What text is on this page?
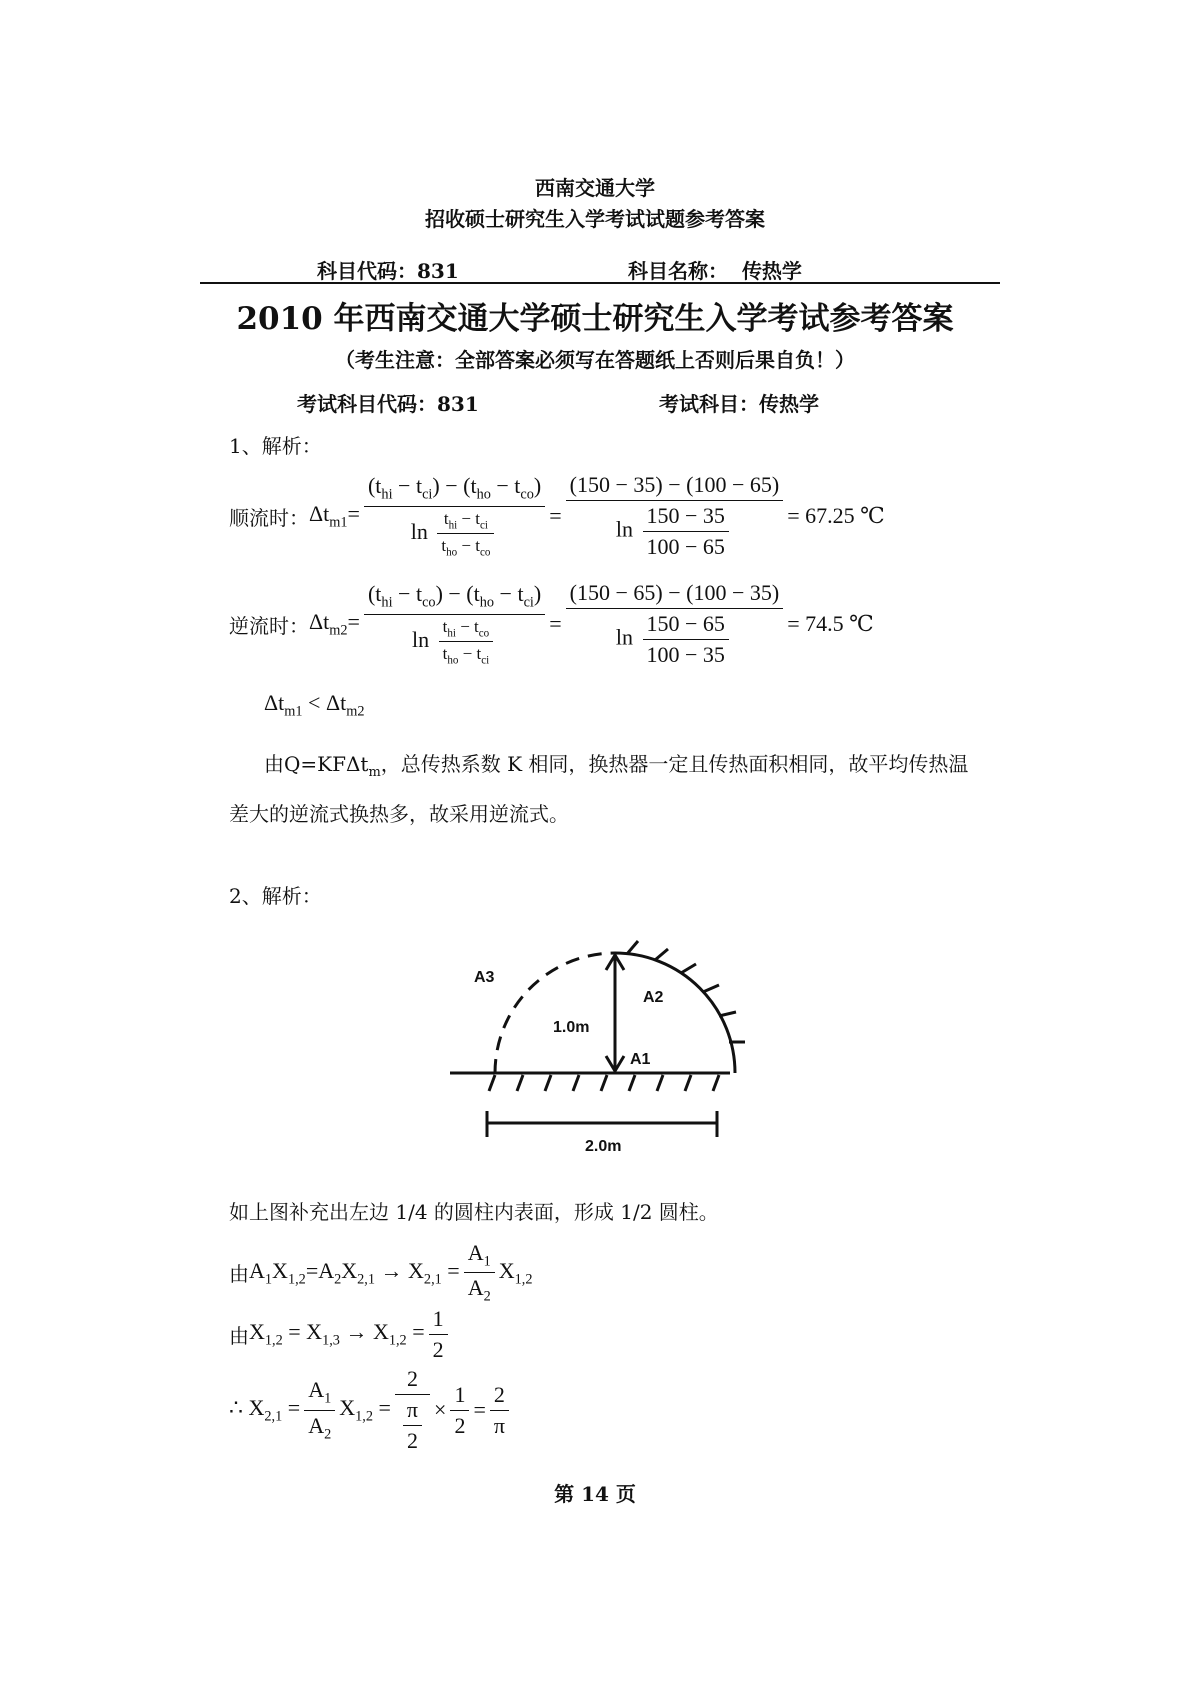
西南交通大学
招收硕士研究生入学考试试题参考答案
科目代码：831	科目名称： 传热学
2010 年西南交通大学硕士研究生入学考试参考答案
（考生注意：全部答案必须写在答题纸上否则后果自负！）
考试科目代码：831	考试科目：传热学
1、解析：
顺流时： $\Delta t_{m1}= \frac{(t_{hi} - t_{ci}) - (t_{ho} - t_{co})}{\ln \frac{t_{hi} - t_{ci}}{t_{ho} - t_{co}}} = \frac{(150 - 35) - (100 - 65)}{\ln \frac{150 - 35}{100 - 65}} = 67.25$ ℃
逆流时： $\Delta t_{m2}= \frac{(t_{hi} - t_{co}) - (t_{ho} - t_{ci})}{\ln \frac{t_{hi} - t_{co}}{t_{ho} - t_{ci}}} = \frac{(150 - 65) - (100 - 35)}{\ln \frac{150 - 65}{100 - 35}} = 74.5$ ℃
$\Delta t_{m1} < \Delta t_{m2}$
由Q=KFΔt$_m$，总传热系数 K 相同，换热器一定且传热面积相同，故平均传热温
差大的逆流式换热多，故采用逆流式。
2、解析：
A3
A2
A1
1.0m
2.0m
如上图补充出左边 1/4 的圆柱内表面，形成 1/2 圆柱。
由 $A_1X_{1,2}=A_2X_{2,1} \to X_{2,1} = \frac{A_1}{A_2} X_{1,2}$
由 $X_{1,2} = X_{1,3} \to X_{1,2} = \frac{1}{2}$
∴ $X_{2,1} = \frac{A_1}{A_2} X_{1,2} = \frac{2}{\frac{\pi}{2}} \times \frac{1}{2} = \frac{2}{\pi}$
第 14 页
